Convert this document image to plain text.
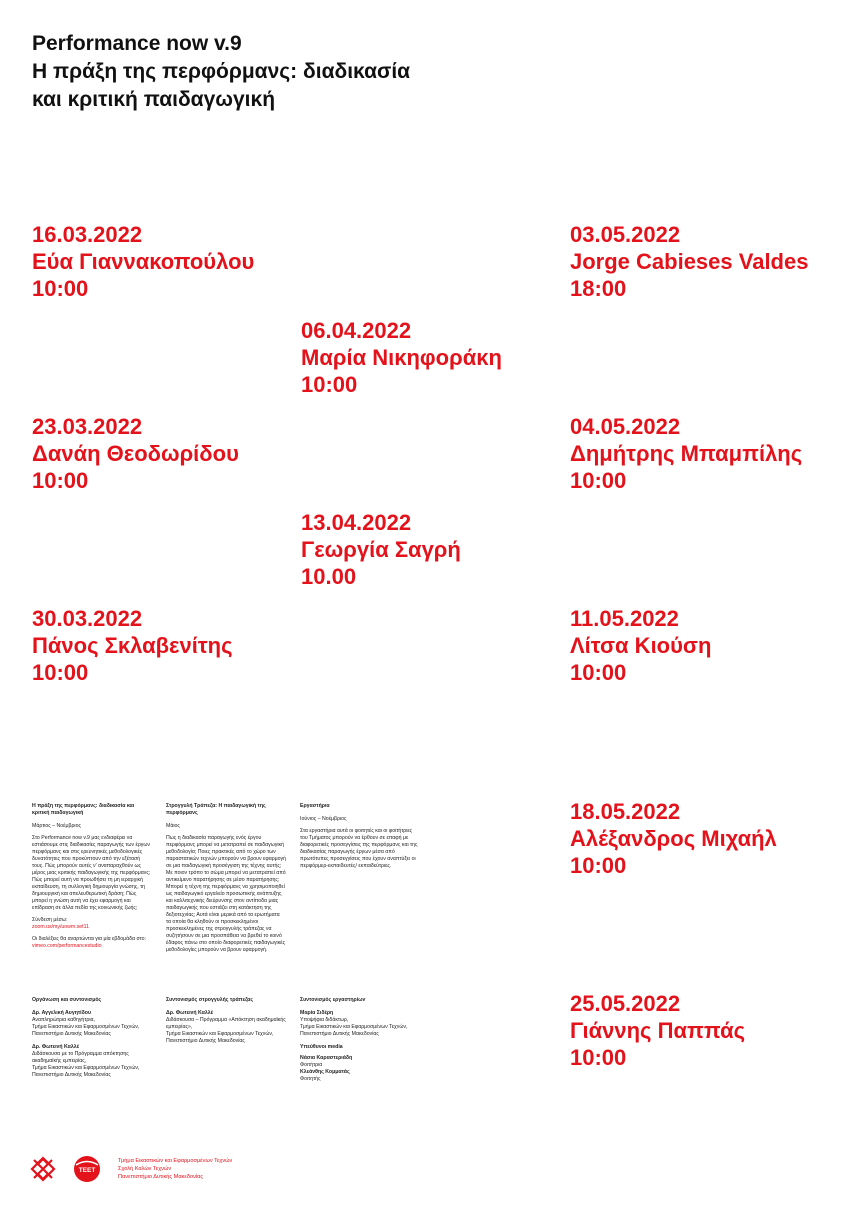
Performance now v.9
Η πράξη της περφόρμανς: διαδικασία
και κριτική παιδαγωγική
16.03.2022
Εύα Γιαννακοπούλου
10:00
23.03.2022
Δανάη Θεοδωρίδου
10:00
30.03.2022
Πάνος Σκλαβενίτης
10:00
06.04.2022
Μαρία Νικηφοράκη
10:00
13.04.2022
Γεωργία Σαγρή
10.00
03.05.2022
Jorge Cabieses Valdes
18:00
04.05.2022
Δημήτρης Μπαμπίλης
10:00
11.05.2022
Λίτσα Κιούση
10:00
18.05.2022
Αλέξανδρος Μιχαήλ
10:00
25.05.2022
Γιάννης Παππάς
10:00
Η πράξη της περφόρμανς: διαδικασία και κριτική παιδαγωγική

Μάρτιος – Νοέμβριος

Στο Performance now v.9 μας ενδιαφέρει να εστιάσουμε στις διαδικασίες παραγωγής των έργων περφόρμανς και στις ερευνητικές μεθοδολογικές δυνατότητες που προκύπτουν από την εξέτασή τους. Πώς μπορούν αυτές ν' αναπαραχθούν ως μέρος μιας κριτικής παιδαγωγικής της περφόρμανς; Πώς μπορεί αυτή να προωθήσει τη μη ιεραρχική εκπαίδευση, τη συλλογική δημιουργία γνώσης, τη δημιουργική και απελευθερωτική δράση; Πώς μπορεί η γνώση αυτή να έχει εφαρμογή και επίδραση σε άλλα πεδία της κοινωνικής ζωής;

Σύνδεση μέσω:

zoom.us/my/uowm.set11

Οι διαλέξεις θα αναρτώνται για μία εβδομάδα στο:

vimeo.com/performancestudio

Στρογγυλή Τράπεζα: Η παιδαγωγική της περφόρμανς

Μάιος

Πως η διαδικασία παραγωγής ενός έργου περφόρμανς μπορεί να μετατραπεί σε παιδαγωγική μεθοδολογία; Ποιες πρακτικές από το χώρο των παραστατικών τεχνών μπορούν να βρουν εφαρμογή σε μια παιδαγωγική προσέγγιση της τέχνης αυτής; Με ποιον τρόπο το σώμα μπορεί να μετατραπεί από αντικείμενο παρατήρησης σε μέσο παρατήρησης; Μπορεί η τέχνη της περφόρμανς να χρησιμοποιηθεί ως παιδαγωγικό εργαλείο προσωπικής ανάπτυξης και καλλιτεχνικής διεύρυνσης στον αντίποδα μιας παιδαγωγικής που εστιάζει στη κατάκτηση της δεξιοτεχνίας; Αυτά είναι μερικά από τα ερωτήματα τα οποία θα κληθούν οι προσκεκλημένοι προσκεκλημένες της στρογγυλής τράπεζας να συζητήσουν σε μια προσπάθεια να βρεθεί το κοινό έδαφος πάνω στο οποίο διαφορετικές παιδαγωγικές μεθοδολογίες μπορούν να βρουν εφαρμογή.

Εργαστήρια

Ιούνιος – Νοέμβριος

Στα εργαστήρια αυτά οι φοιτητές και οι φοιτήτριες του Τμήματος μπορούν να έρθουν σε επαφή με διαφορετικές προσεγγίσεις της περφόρμανς και της διαδικασίας παραγωγής έργων μέσα από πρωτότυπες προσεγγίσεις που έχουν αναπτύξει οι περφόρμερ-εκπαιδευτές/ εκπαιδεύτριες.

Οργάνωση και συντονισμός
Δρ. Αγγελική Αυγητίδου
Αναπληρώτρια καθηγήτρια,
Τμήμα Εικαστικών και Εφαρμοσμένων Τεχνών,
Πανεπιστήμιο Δυτικής Μακεδονίας
Δρ. Φωτεινή Καλλέ
Διδάσκουσα με το Πρόγραμμα απόκτησης ακαδημαϊκής εμπειρίας,
Τμήμα Εικαστικών και Εφαρμοσμένων Τεχνών,
Πανεπιστήμιο Δυτικής Μακεδονίας
Συντονισμός στρογγυλής τράπεζας
Δρ. Φωτεινή Καλλέ
Διδάσκουσα – Πρόγραμμα «Απόκτηση ακαδημαϊκής εμπειρίας»,
Τμήμα Εικαστικών και Εφαρμοσμένων Τεχνών,
Πανεπιστήμιο Δυτικής Μακεδονίας
Συντονισμός εργαστηρίων
Μαρία Σιδέρη
Υποψήφια διδάκτωρ,
Τμήμα Εικαστικών και Εφαρμοσμένων Τεχνών,
Πανεπιστήμιο Δυτικής Μακεδονίας
Υπεύθυνοι media
Νάσια Καραστεριάδη
Φοιτήτρια
Κλεάνθης Κομματάς
Φοιτητής
ΤΕΕΤ
Τμήμα Εικαστικών και Εφαρμοσμένων Τεχνών
Σχολή Καλών Τεχνών
Πανεπιστήμιο Δυτικής Μακεδονίας
